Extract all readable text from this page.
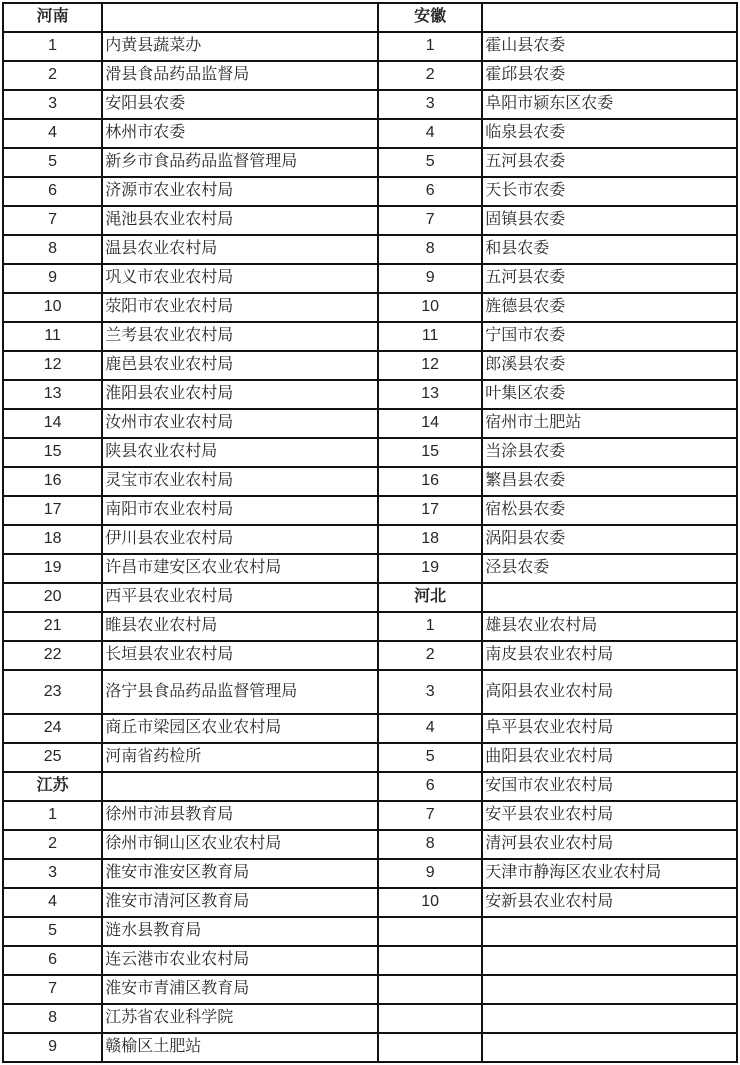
河南		安徽	
1	内黄县蔬菜办	1	霍山县农委
2	滑县食品药品监督局	2	霍邱县农委
3	安阳县农委	3	阜阳市颍东区农委
4	林州市农委	4	临泉县农委
5	新乡市食品药品监督管理局	5	五河县农委
6	济源市农业农村局	6	天长市农委
7	渑池县农业农村局	7	固镇县农委
8	温县农业农村局	8	和县农委
9	巩义市农业农村局	9	五河县农委
10	荥阳市农业农村局	10	旌德县农委
11	兰考县农业农村局	11	宁国市农委
12	鹿邑县农业农村局	12	郎溪县农委
13	淮阳县农业农村局	13	叶集区农委
14	汝州市农业农村局	14	宿州市土肥站
15	陕县农业农村局	15	当涂县农委
16	灵宝市农业农村局	16	繁昌县农委
17	南阳市农业农村局	17	宿松县农委
18	伊川县农业农村局	18	涡阳县农委
19	许昌市建安区农业农村局	19	泾县农委
20	西平县农业农村局	河北	
21	睢县农业农村局	1	雄县农业农村局
22	长垣县农业农村局	2	南皮县农业农村局
23	洛宁县食品药品监督管理局	3	高阳县农业农村局
24	商丘市梁园区农业农村局	4	阜平县农业农村局
25	河南省药检所	5	曲阳县农业农村局
江苏		6	安国市农业农村局
1	徐州市沛县教育局	7	安平县农业农村局
2	徐州市铜山区农业农村局	8	清河县农业农村局
3	淮安市淮安区教育局	9	天津市静海区农业农村局
4	淮安市清河区教育局	10	安新县农业农村局
5	涟水县教育局		
6	连云港市农业农村局		
7	淮安市青浦区教育局		
8	江苏省农业科学院		
9	赣榆区土肥站		
